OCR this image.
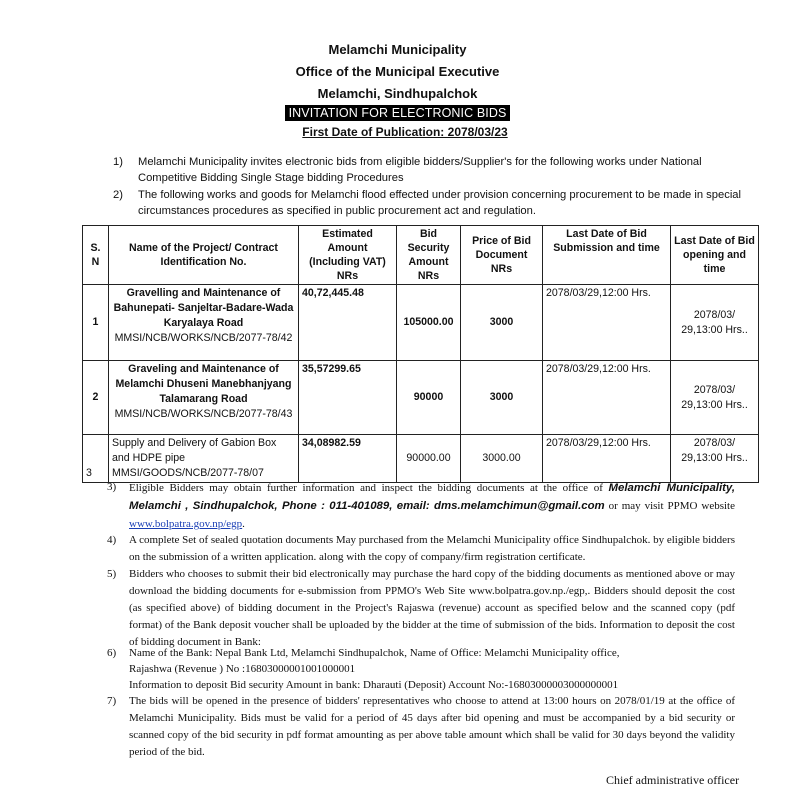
Melamchi Municipality
Office of the Municipal Executive
Melamchi, Sindhupalchok
INVITATION FOR ELECTRONIC BIDS
First Date of Publication: 2078/03/23
1) Melamchi Municipality invites electronic bids from eligible bidders/Supplier's for the following works under National Competitive Bidding Single Stage bidding Procedures
2) The following works and goods for Melamchi flood effected under provision concerning procurement to be made in special circumstances procedures as specified in public procurement act and regulation.
S. N	Name of the Project/ Contract Identification No.	Estimated Amount (Including VAT) NRs	Bid Security Amount NRs	Price of Bid Document NRs	Last Date of Bid Submission and time	Last Date of Bid opening and time
1	Gravelling and Maintenance of Bahunepati- Sanjeltar-Badare-Wada Karyalaya Road
MMSI/NCB/WORKS/NCB/2077-78/42	40,72,445.48	105000.00	3000	2078/03/29,12:00 Hrs.	2078/03/ 29,13:00 Hrs..
2	Graveling and Maintenance of Melamchi Dhuseni Manebhanjyang Talamarang Road
MMSI/NCB/WORKS/NCB/2077-78/43	35,57299.65	90000	3000	2078/03/29,12:00 Hrs.	2078/03/ 29,13:00 Hrs..
3	Supply and Delivery of Gabion Box and HDPE pipe
MMSI/GOODS/NCB/2077-78/07	34,08982.59	90000.00	3000.00	2078/03/29,12:00 Hrs.	2078/03/ 29,13:00 Hrs..
3) Eligible Bidders may obtain further information and inspect the bidding documents at the office of Melamchi Municipality, Melamchi , Sindhupalchok, Phone : 011-401089, email: dms.melamchimun@gmail.com or may visit PPMO website www.bolpatra.gov.np/egp.
4) A complete Set of sealed quotation documents May purchased from the Melamchi Municipality office Sindhupalchok. by eligible bidders on the submission of a written application. along with the copy of company/firm registration certificate.
5) Bidders who chooses to submit their bid electronically may purchase the hard copy of the bidding documents as mentioned above or may download the bidding documents for e-submission from PPMO's Web Site www.bolpatra.gov.np./egp,. Bidders should deposit the cost (as specified above) of bidding document in the Project's Rajaswa (revenue) account as specified below and the scanned copy (pdf format) of the Bank deposit voucher shall be uploaded by the bidder at the time of submission of the bids. Information to deposit the cost of bidding document in Bank:
6) Name of the Bank: Nepal Bank Ltd, Melamchi Sindhupalchok, Name of Office: Melamchi Municipality office,
Rajashwa (Revenue ) No :16803000001001000001
Information to deposit Bid security Amount in bank: Dharauti (Deposit) Account No:-16803000003000000001
7) The bids will be opened in the presence of bidders' representatives who choose to attend at 13:00 hours on 2078/01/19 at the office of Melamchi Municipality. Bids must be valid for a period of 45 days after bid opening and must be accompanied by a bid security or scanned copy of the bid security in pdf format amounting as per above table amount which shall be valid for 30 days beyond the validity period of the bid.
Chief administrative officer
